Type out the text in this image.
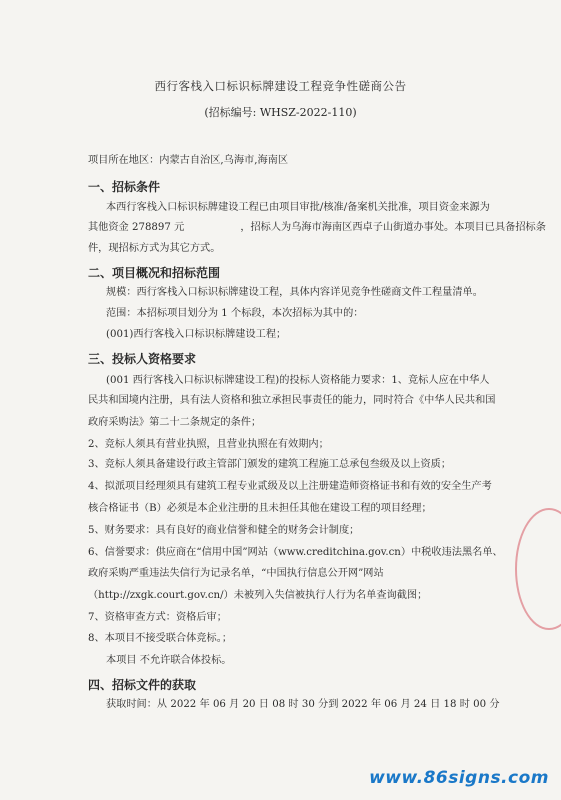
西行客栈入口标识标牌建设工程竞争性磋商公告
(招标编号: WHSZ-2022-110)
项目所在地区：内蒙古自治区,乌海市,海南区
一、招标条件
本西行客栈入口标识标牌建设工程已由项目审批/核准/备案机关批准，项目资金来源为
其他资金 278897 元	，招标人为乌海市海南区西卓子山街道办事处。本项目已具备招标条
件，现招标方式为其它方式。
二、项目概况和招标范围
规模：西行客栈入口标识标牌建设工程，具体内容详见竞争性磋商文件工程量清单。
范围：本招标项目划分为 1 个标段，本次招标为其中的：
(001)西行客栈入口标识标牌建设工程；
三、投标人资格要求
(001 西行客栈入口标识标牌建设工程)的投标人资格能力要求：1、竞标人应在中华人
民共和国境内注册，具有法人资格和独立承担民事责任的能力，同时符合《中华人民共和国
政府采购法》第二十二条规定的条件；
2、竞标人须具有营业执照，且营业执照在有效期内；
3、竞标人须具备建设行政主管部门颁发的建筑工程施工总承包叁级及以上资质；
4、拟派项目经理须具有建筑工程专业贰级及以上注册建造师资格证书和有效的安全生产考
核合格证书（B）必须是本企业注册的且未担任其他在建设工程的项目经理；
5、财务要求：具有良好的商业信誉和健全的财务会计制度；
6、信誉要求：供应商在“信用中国”网站（www.creditchina.gov.cn）中税收违法黑名单、
政府采购严重违法失信行为记录名单，“中国执行信息公开网”网站
（http://zxgk.court.gov.cn/）未被列入失信被执行人行为名单查询截图；
7、资格审查方式：资格后审；
8、本项目不接受联合体竞标。；
本项目 不允许联合体投标。
四、招标文件的获取
获取时间：从 2022 年 06 月 20 日 08 时 30 分到 2022 年 06 月 24 日 18 时 00 分
www.86signs.com
